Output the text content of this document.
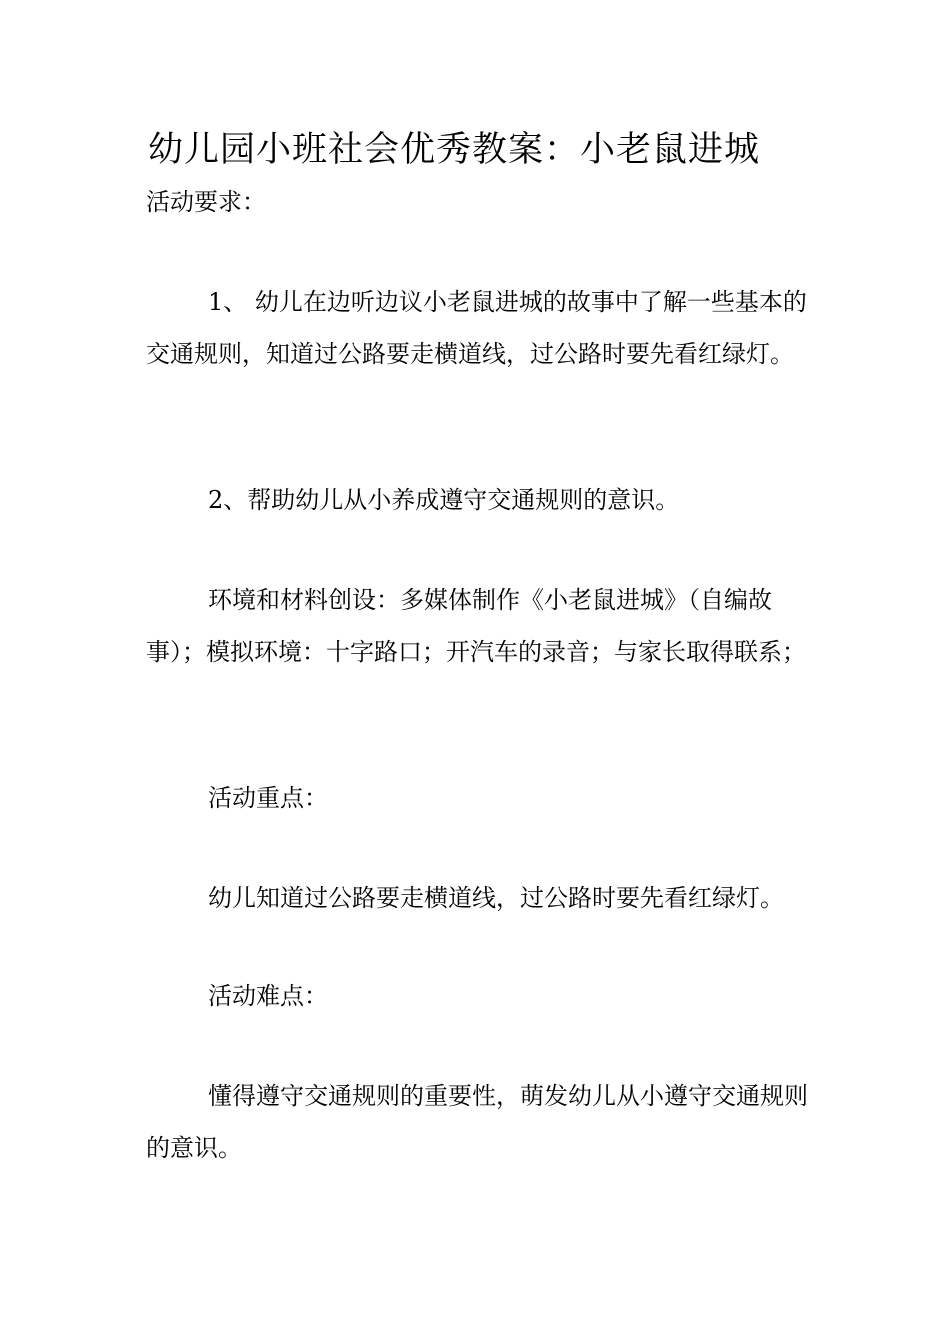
幼儿园小班社会优秀教案：小老鼠进城

活动要求：

1、 幼儿在边听边议小老鼠进城的故事中了解一些基本的交通规则，知道过公路要走横道线，过公路时要先看红绿灯。

2、帮助幼儿从小养成遵守交通规则的意识。

环境和材料创设：多媒体制作《小老鼠进城》（自编故事）；模拟环境：十字路口；开汽车的录音；与家长取得联系；

活动重点：

幼儿知道过公路要走横道线，过公路时要先看红绿灯。

活动难点：

懂得遵守交通规则的重要性，萌发幼儿从小遵守交通规则的意识。
